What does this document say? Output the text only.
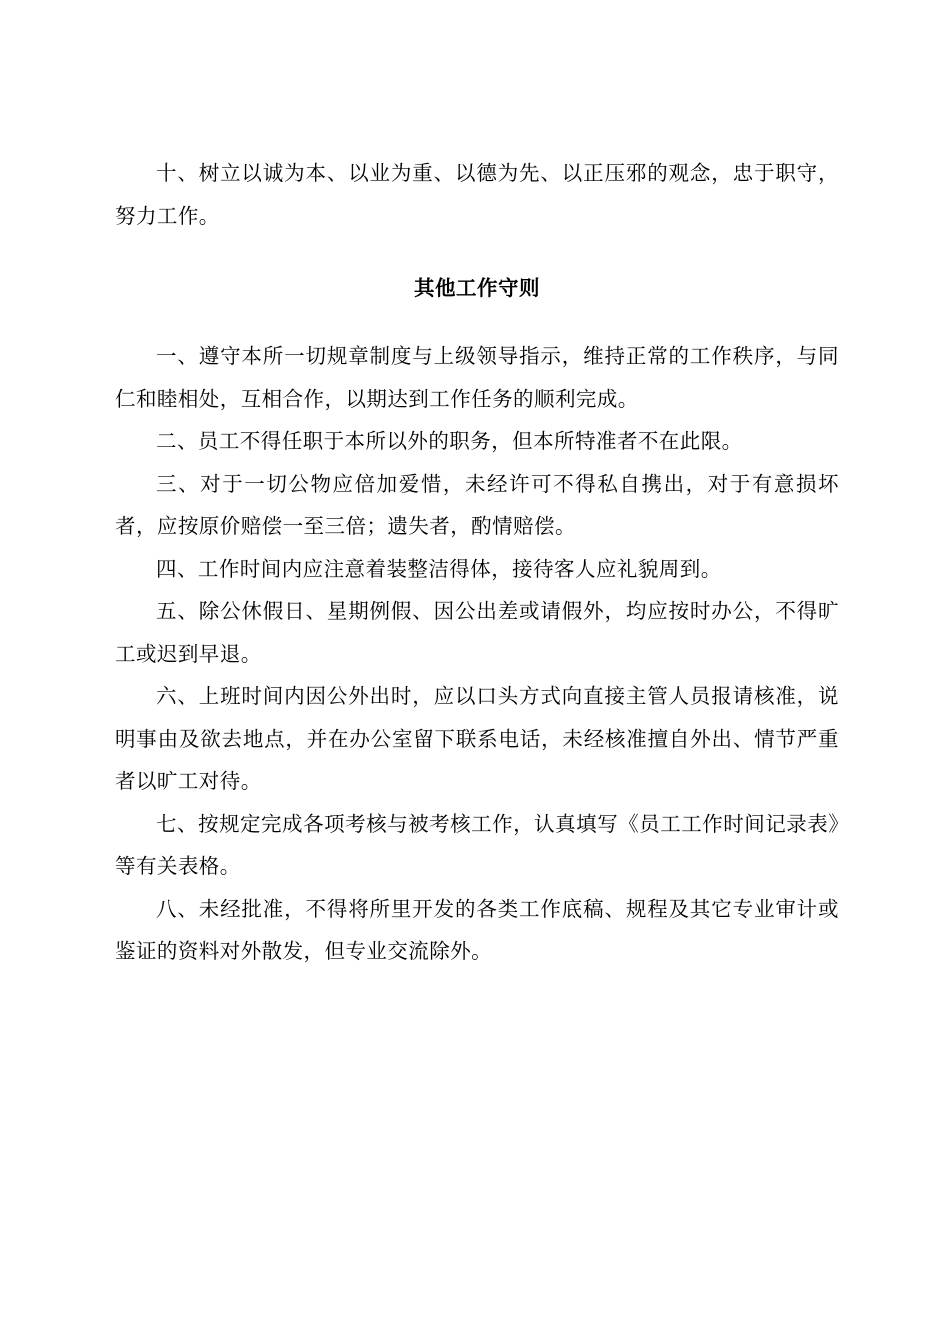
十、树立以诚为本、以业为重、以德为先、以正压邪的观念，忠于职守，努力工作。

其他工作守则

一、遵守本所一切规章制度与上级领导指示，维持正常的工作秩序，与同仁和睦相处，互相合作，以期达到工作任务的顺利完成。

二、员工不得任职于本所以外的职务，但本所特准者不在此限。

三、对于一切公物应倍加爱惜，未经许可不得私自携出，对于有意损坏者，应按原价赔偿一至三倍；遗失者，酌情赔偿。

四、工作时间内应注意着装整洁得体，接待客人应礼貌周到。

五、除公休假日、星期例假、因公出差或请假外，均应按时办公，不得旷工或迟到早退。

六、上班时间内因公外出时，应以口头方式向直接主管人员报请核准，说明事由及欲去地点，并在办公室留下联系电话，未经核准擅自外出、情节严重者以旷工对待。

七、按规定完成各项考核与被考核工作，认真填写《员工工作时间记录表》等有关表格。

八、未经批准，不得将所里开发的各类工作底稿、规程及其它专业审计或鉴证的资料对外散发，但专业交流除外。
